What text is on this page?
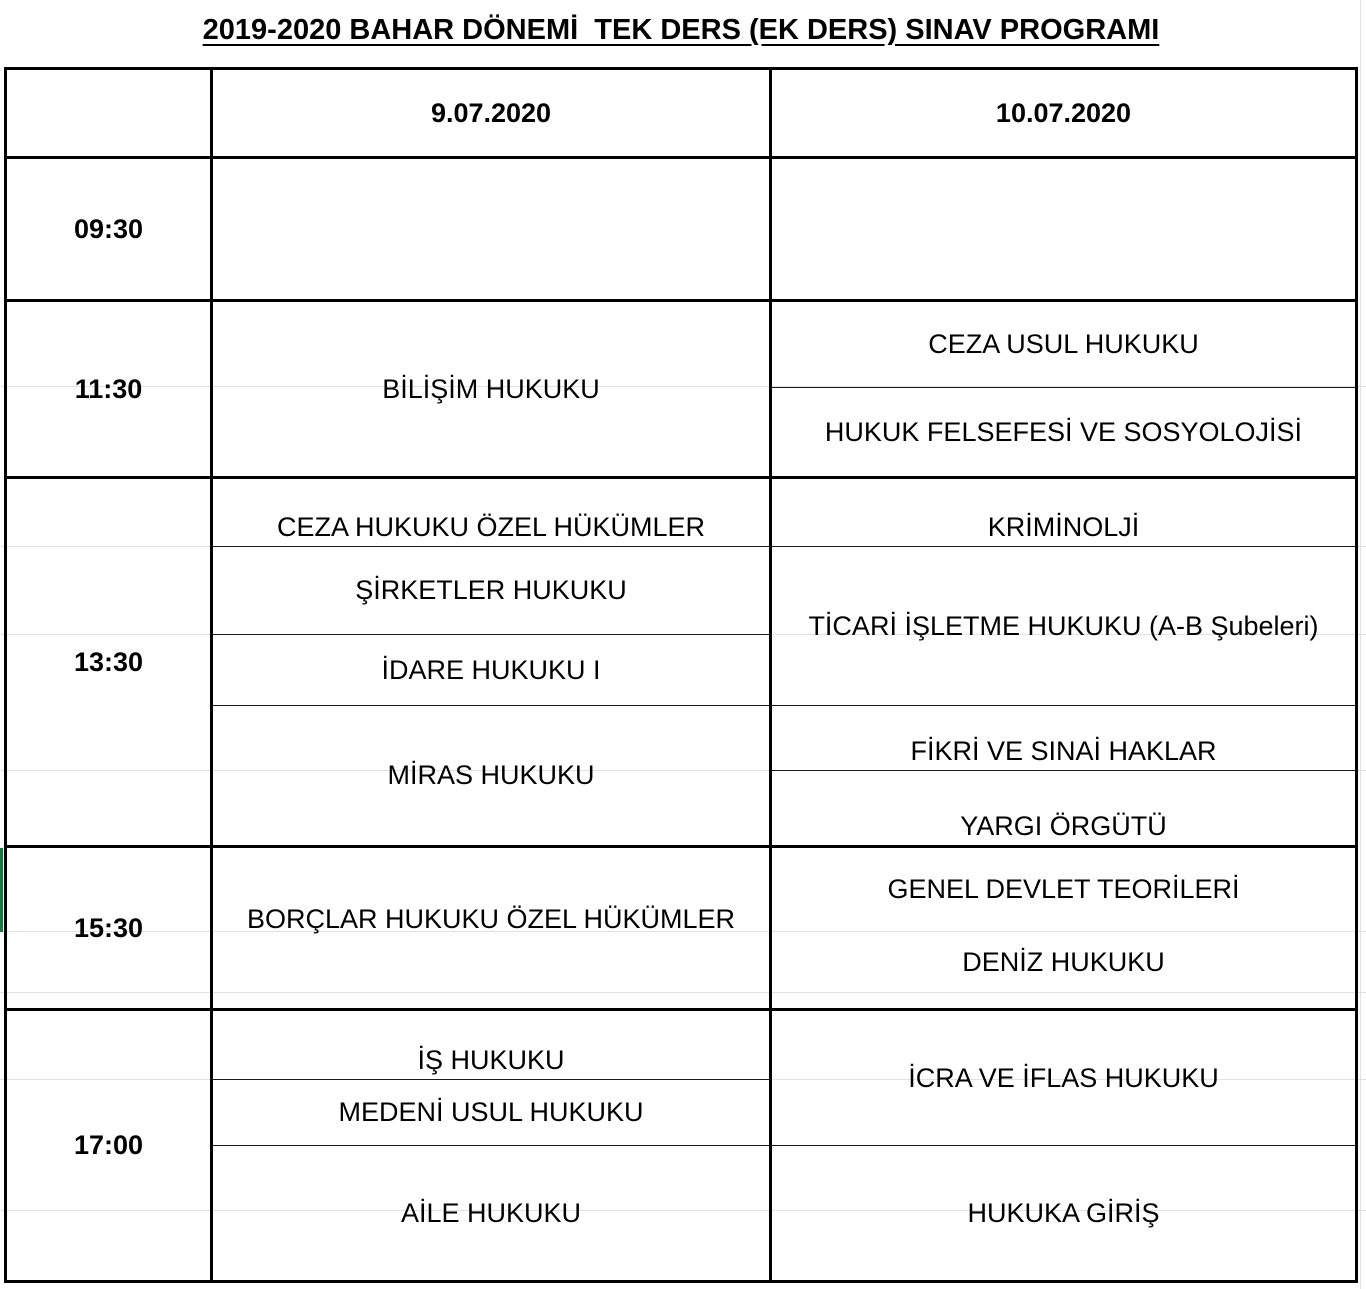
2019-2020 BAHAR DÖNEMİ  TEK DERS (EK DERS) SINAV PROGRAMI
9.07.2020	10.07.2020
09:30
11:30
13:30
15:30
17:00
BİLİŞİM HUKUKU
CEZA HUKUKU ÖZEL HÜKÜMLER
ŞİRKETLER HUKUKU
İDARE HUKUKU I
MİRAS HUKUKU
BORÇLAR HUKUKU ÖZEL HÜKÜMLER
İŞ HUKUKU
MEDENİ USUL HUKUKU
AİLE HUKUKU
CEZA USUL HUKUKU
HUKUK FELSEFESİ VE SOSYOLOJİSİ
KRİMİNOLJİ
TİCARİ İŞLETME HUKUKU (A-B Şubeleri)
FİKRİ VE SINAİ HAKLAR
YARGI ÖRGÜTÜ
GENEL DEVLET TEORİLERİ
DENİZ HUKUKU
İCRA VE İFLAS HUKUKU
HUKUKA GİRİŞ
